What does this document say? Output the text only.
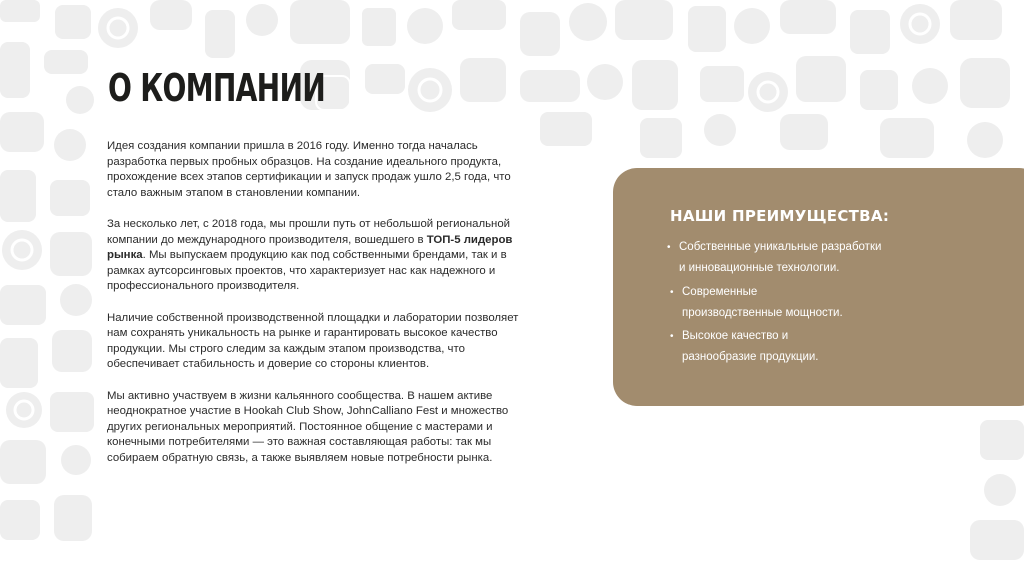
О КОМПАНИИ

Идея создания компании пришла в 2016 году. Именно тогда началась разработка первых пробных образцов. На создание идеального продукта, прохождение всех этапов сертификации и запуск продаж ушло 2,5 года, что стало важным этапом в становлении компании.

За несколько лет, с 2018 года, мы прошли путь от небольшой региональной компании до международного производителя, вошедшего в ТОП-5 лидеров рынка. Мы выпускаем продукцию как под собственными брендами, так и в рамках аутсорсинговых проектов, что характеризует нас как надежного и профессионального производителя.

Наличие собственной производственной площадки и лаборатории позволяет нам сохранять уникальность на рынке и гарантировать высокое качество продукции. Мы строго следим за каждым этапом производства, что обеспечивает стабильность и доверие со стороны клиентов.

Мы активно участвуем в жизни кальянного сообщества. В нашем активе неоднократное участие в Hookah Club Show, JohnCalliano Fest и множество других региональных мероприятий. Постоянное общение с мастерами и конечными потребителями — это важная составляющая работы: так мы собираем обратную связь, а также выявляем новые потребности рынка.

НАШИ ПРЕИМУЩЕСТВА:
• Собственные уникальные разработки
и инновационные технологии.
• Современные
производственные мощности.
• Высокое качество и
разнообразие продукции.
